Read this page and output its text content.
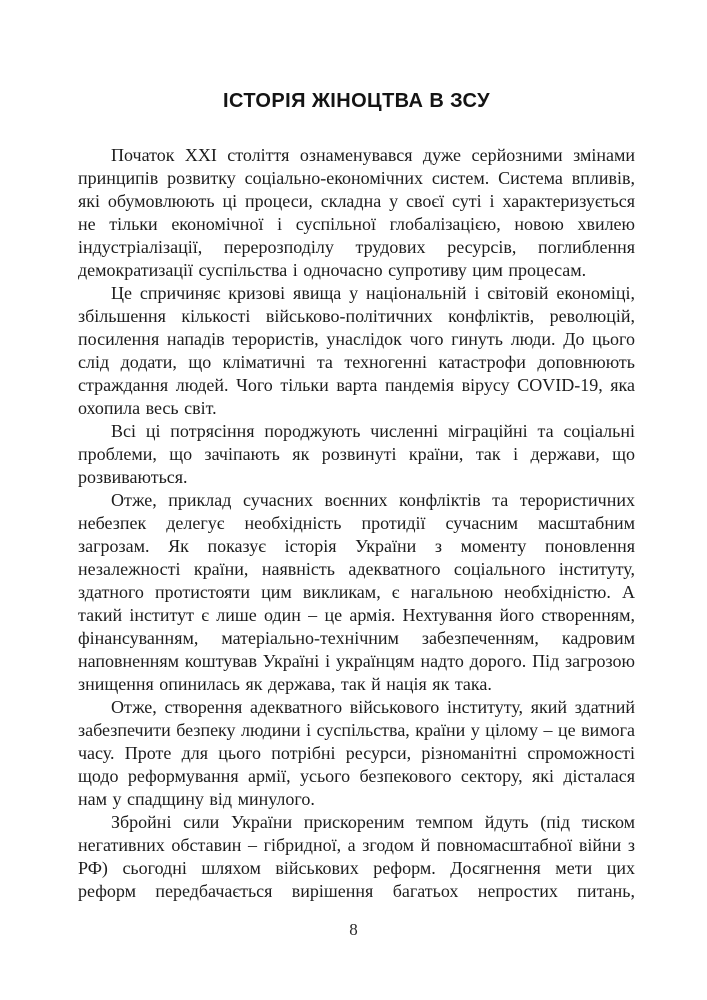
ІСТОРІЯ ЖІНОЦТВА В ЗСУ

Початок XXI століття ознаменувався дуже серйозними змінами принципів розвитку соціально-економічних систем. Система впливів, які обумовлюють ці процеси, складна у своєї суті і характеризується не тільки економічної і суспільної глобалізацією, новою хвилею індустріалізації, перерозподілу трудових ресурсів, поглиблення демократизації суспільства і одночасно супротиву цим процесам.

Це спричиняє кризові явища у національній і світовій економіці, збільшення кількості військово-політичних конфліктів, революцій, посилення нападів терористів, унаслідок чого гинуть люди. До цього слід додати, що кліматичні та техногенні катастрофи доповнюють страждання людей. Чого тільки варта пандемія вірусу COVID-19, яка охопила весь світ.

Всі ці потрясіння породжують численні міграційні та соціальні проблеми, що зачіпають як розвинуті країни, так і держави, що розвиваються.

Отже, приклад сучасних воєнних конфліктів та терористичних небезпек делегує необхідність протидії сучасним масштабним загрозам. Як показує історія України з моменту поновлення незалежності країни, наявність адекватного соціального інституту, здатного протистояти цим викликам, є нагальною необхідністю. А такий інститут є лише один – це армія. Нехтування його створенням, фінансуванням, матеріально-технічним забезпеченням, кадровим наповненням коштував Україні і українцям надто дорого. Під загрозою знищення опинилась як держава, так й нація як така.

Отже, створення адекватного військового інституту, який здатний забезпечити безпеку людини і суспільства, країни у цілому – це вимога часу. Проте для цього потрібні ресурси, різноманітні спроможності щодо реформування армії, усього безпекового сектору, які дісталася нам у спадщину від минулого.

Збройні сили України прискореним темпом йдуть (під тиском негативних обставин – гібридної, а згодом й повномасштабної війни з РФ) сьогодні шляхом військових реформ. Досягнення мети цих реформ передбачається вирішення багатьох непростих питань,

8
